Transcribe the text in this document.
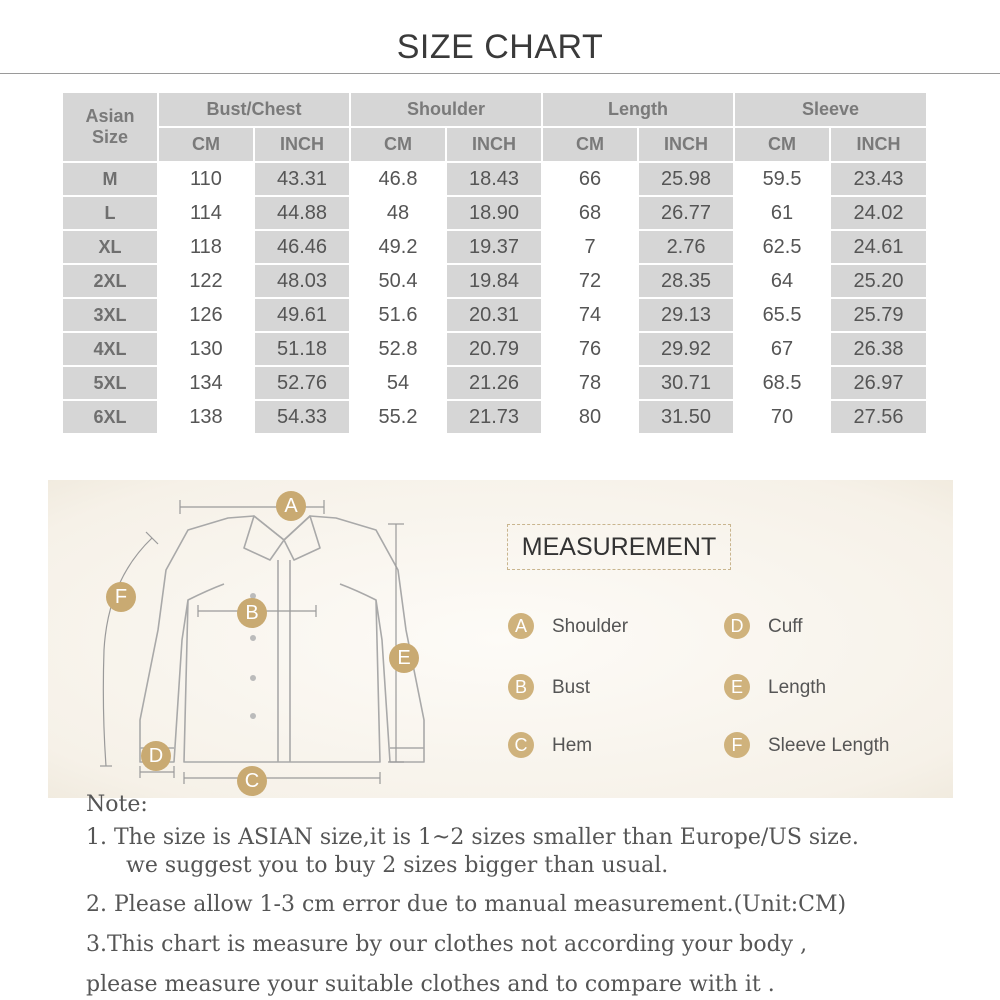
SIZE CHART
Asian Size	Bust/Chest		Shoulder		Length		Sleeve	
	CM	INCH	CM	INCH	CM	INCH	CM	INCH
M	110	43.31	46.8	18.43	66	25.98	59.5	23.43
L	114	44.88	48	18.90	68	26.77	61	24.02
XL	118	46.46	49.2	19.37	7	2.76	62.5	24.61
2XL	122	48.03	50.4	19.84	72	28.35	64	25.20
3XL	126	49.61	51.6	20.31	74	29.13	65.5	25.79
4XL	130	51.18	52.8	20.79	76	29.92	67	26.38
5XL	134	52.76	54	21.26	78	30.71	68.5	26.97
6XL	138	54.33	55.2	21.73	80	31.50	70	27.56
A
B
C
D
E
F
MEASUREMENT
A	Shoulder
B	Bust
C	Hem
D	Cuff
E	Length
F	Sleeve Length
Note:
1. The size is ASIAN size,it is 1~2 sizes smaller than Europe/US size.
we suggest you to buy 2 sizes bigger than usual.
2. Please allow 1-3 cm error due to manual measurement.(Unit:CM)
3.This chart is measure by our clothes not according your body ,
please measure your suitable clothes and to compare with it .
